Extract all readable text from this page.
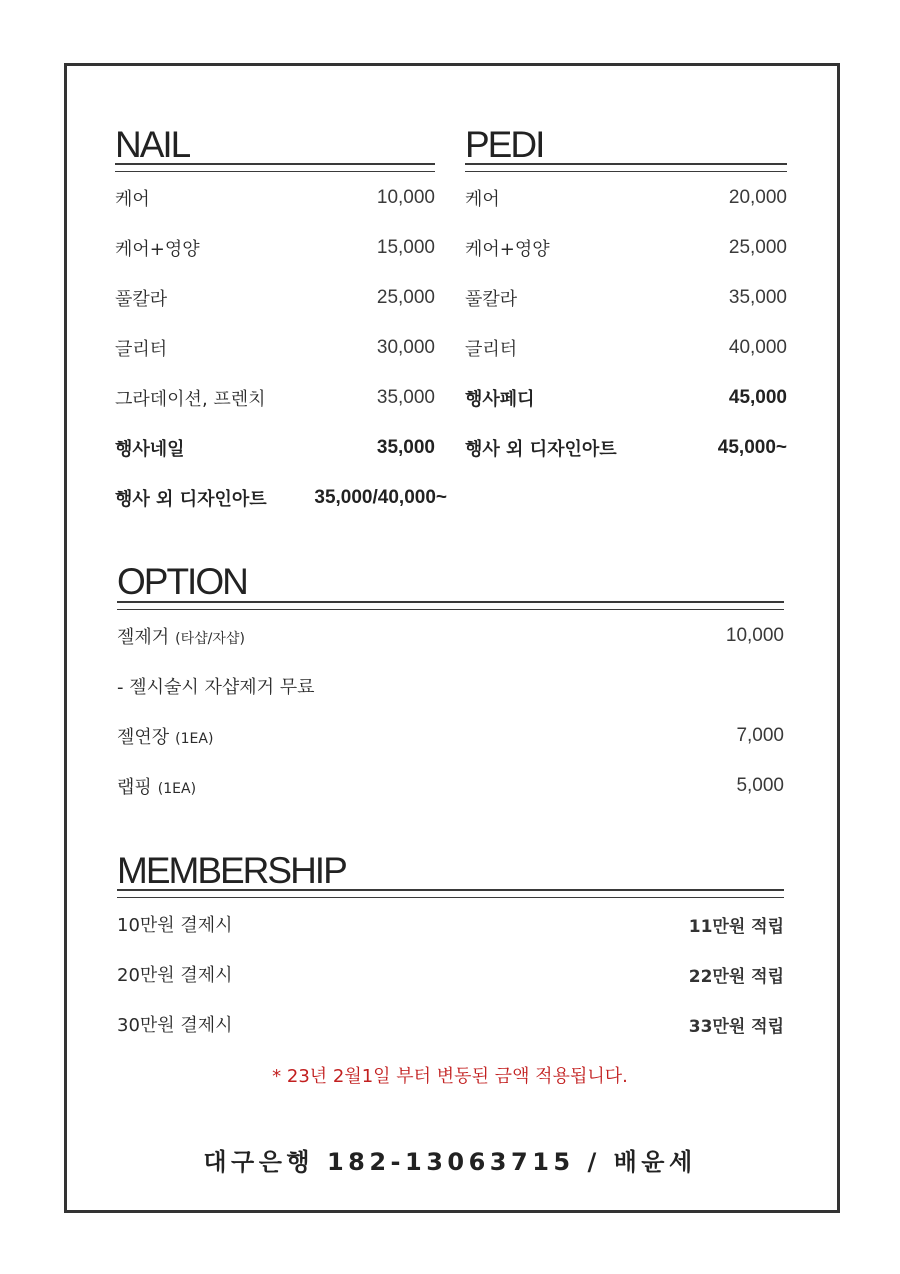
NAIL
케어	10,000
케어+영양	15,000
풀칼라	25,000
글리터	30,000
그라데이션, 프렌치	35,000
행사네일	35,000
행사 외 디자인아트	35,000/40,000~
PEDI
케어	20,000
케어+영양	25,000
풀칼라	35,000
글리터	40,000
행사페디	45,000
행사 외 디자인아트	45,000~
OPTION
젤제거 (타샵/자샵)	10,000
- 젤시술시 자샵제거 무료
젤연장 (1EA)	7,000
랩핑 (1EA)	5,000
MEMBERSHIP
10만원 결제시	11만원 적립
20만원 결제시	22만원 적립
30만원 결제시	33만원 적립
* 23년 2월1일 부터 변동된 금액 적용됩니다.
대구은행 182-13063715 / 배윤세
